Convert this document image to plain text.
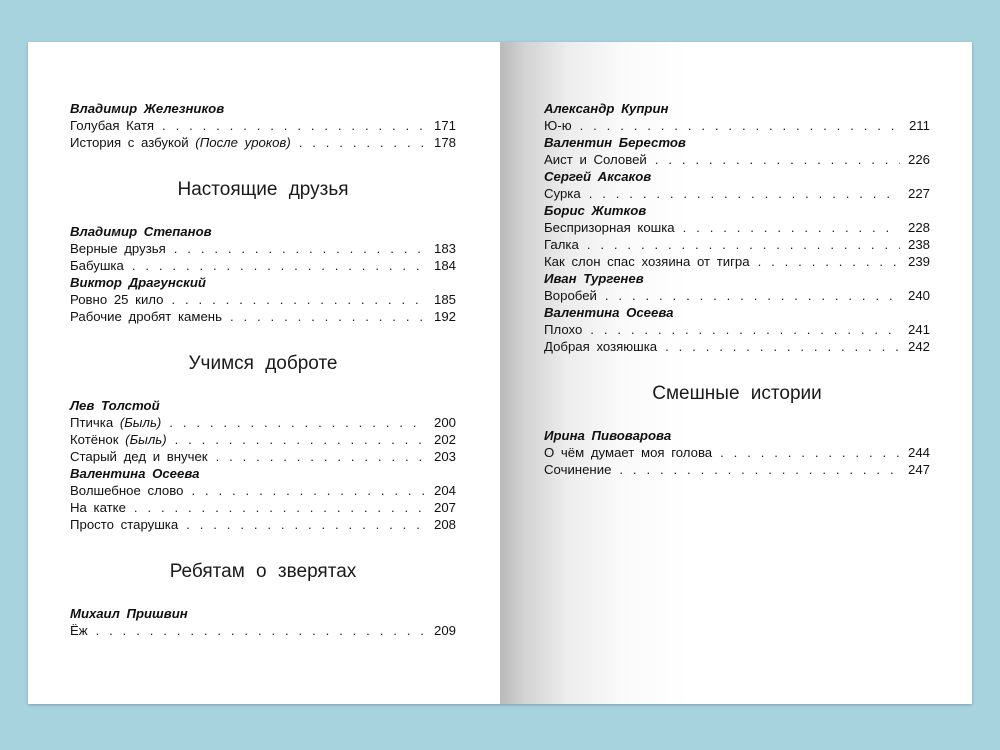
Владимир Железников
Голубая Катя . . .	171
История с азбукой (После уроков) . . .	178
Настоящие друзья
Владимир Степанов
Верные друзья . . .	183
Бабушка . . .	184
Виктор Драгунский
Ровно 25 кило . . .	185
Рабочие дробят камень . . .	192
Учимся доброте
Лев Толстой
Птичка (Быль) . . .	200
Котёнок (Быль) . . .	202
Старый дед и внучек . . .	203
Валентина Осеева
Волшебное слово . . .	204
На катке . . .	207
Просто старушка . . .	208
Ребятам о зверятах
Михаил Пришвин
Ёж . . .	209
Александр Куприн
Ю-ю . . .	211
Валентин Берестов
Аист и Соловей . . .	226
Сергей Аксаков
Сурка . . .	227
Борис Житков
Беспризорная кошка . . .	228
Галка . . .	238
Как слон спас хозяина от тигра . . .	239
Иван Тургенев
Воробей . . .	240
Валентина Осеева
Плохо . . .	241
Добрая хозяюшка . . .	242
Смешные истории
Ирина Пивоварова
О чём думает моя голова . . .	244
Сочинение . . .	247
